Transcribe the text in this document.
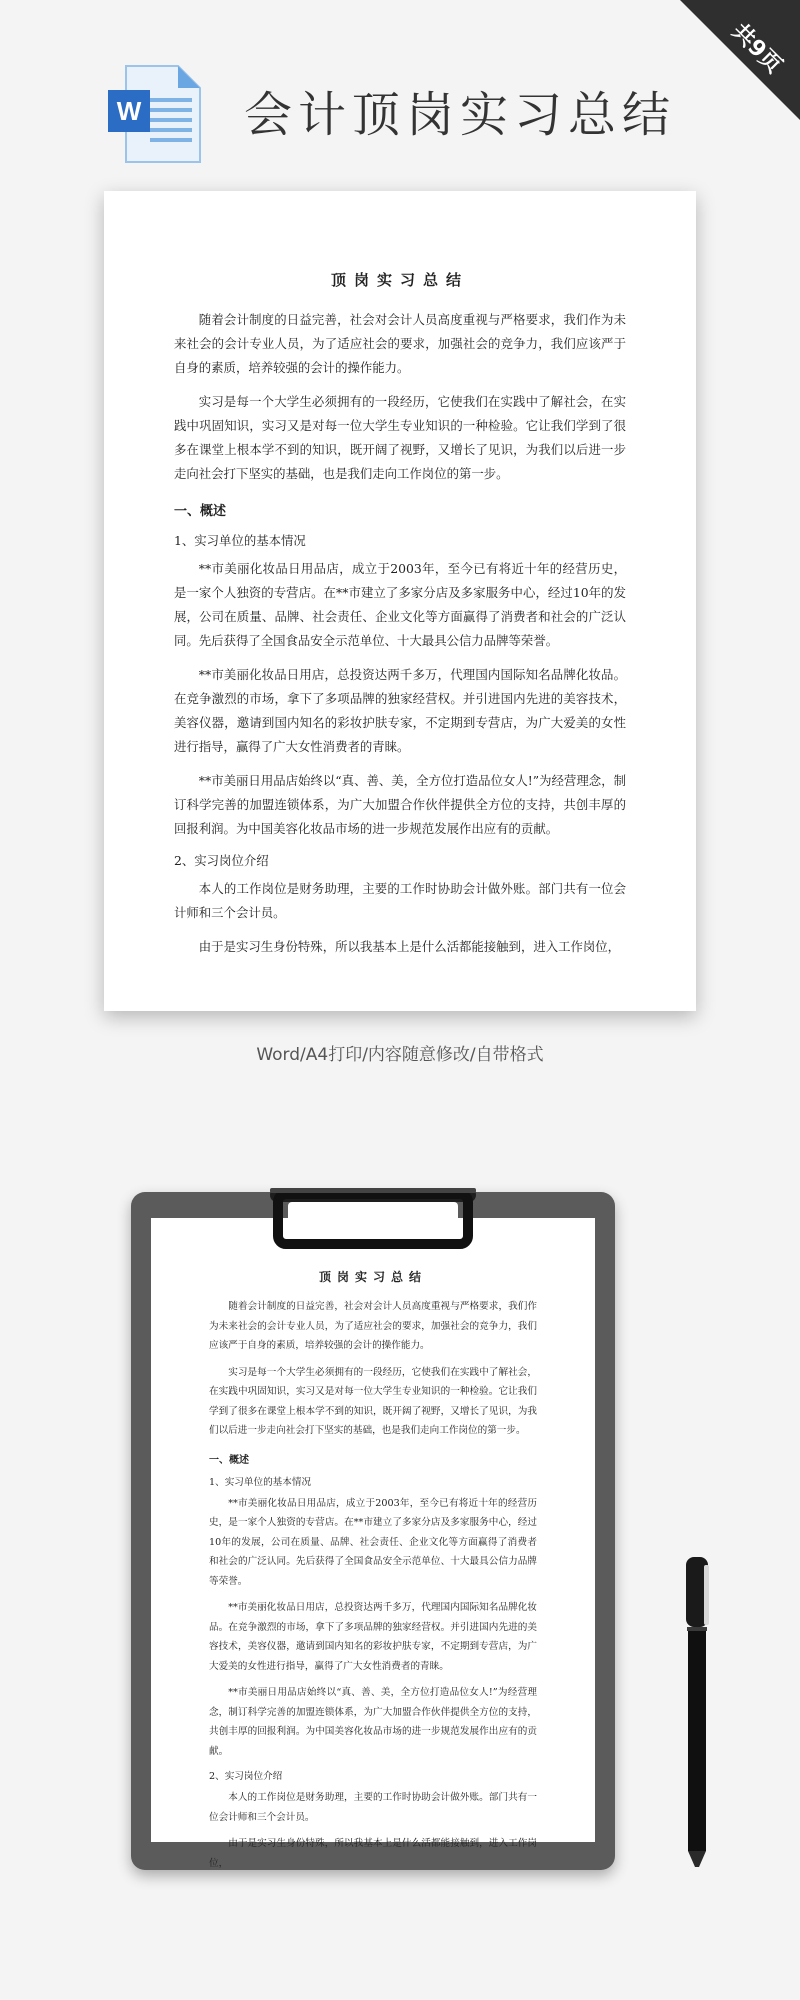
共9页
W 会计顶岗实习总结
顶岗实习总结

随着会计制度的日益完善，社会对会计人员高度重视与严格要求，我们作为未来社会的会计专业人员，为了适应社会的要求，加强社会的竞争力，我们应该严于自身的素质，培养较强的会计的操作能力。

实习是每一个大学生必须拥有的一段经历，它使我们在实践中了解社会，在实践中巩固知识，实习又是对每一位大学生专业知识的一种检验。它让我们学到了很多在课堂上根本学不到的知识，既开阔了视野，又增长了见识，为我们以后进一步走向社会打下坚实的基础，也是我们走向工作岗位的第一步。

一、概述
1、实习单位的基本情况

**市美丽化妆品日用品店，成立于2003年，至今已有将近十年的经营历史，是一家个人独资的专营店。在**市建立了多家分店及多家服务中心，经过10年的发展，公司在质量、品牌、社会责任、企业文化等方面赢得了消费者和社会的广泛认同。先后获得了全国食品安全示范单位、十大最具公信力品牌等荣誉。

**市美丽化妆品日用店，总投资达两千多万，代理国内国际知名品牌化妆品。在竞争激烈的市场，拿下了多项品牌的独家经营权。并引进国内先进的美容技术，美容仪器，邀请到国内知名的彩妆护肤专家，不定期到专营店，为广大爱美的女性进行指导，赢得了广大女性消费者的青睐。

**市美丽日用品店始终以“真、善、美，全方位打造品位女人!”为经营理念，制订科学完善的加盟连锁体系，为广大加盟合作伙伴提供全方位的支持，共创丰厚的回报利润。为中国美容化妆品市场的进一步规范发展作出应有的贡献。

2、实习岗位介绍

本人的工作岗位是财务助理，主要的工作时协助会计做外账。部门共有一位会计师和三个会计员。

由于是实习生身份特殊，所以我基本上是什么活都能接触到，进入工作岗位，

Word/A4打印/内容随意修改/自带格式
顶岗实习总结

随着会计制度的日益完善，社会对会计人员高度重视与严格要求，我们作为未来社会的会计专业人员，为了适应社会的要求，加强社会的竞争力，我们应该严于自身的素质，培养较强的会计的操作能力。

实习是每一个大学生必须拥有的一段经历，它使我们在实践中了解社会，在实践中巩固知识，实习又是对每一位大学生专业知识的一种检验。它让我们学到了很多在课堂上根本学不到的知识，既开阔了视野，又增长了见识，为我们以后进一步走向社会打下坚实的基础，也是我们走向工作岗位的第一步。

一、概述
1、实习单位的基本情况

**市美丽化妆品日用品店，成立于2003年，至今已有将近十年的经营历史，是一家个人独资的专营店。在**市建立了多家分店及多家服务中心，经过10年的发展，公司在质量、品牌、社会责任、企业文化等方面赢得了消费者和社会的广泛认同。先后获得了全国食品安全示范单位、十大最具公信力品牌等荣誉。

**市美丽化妆品日用店，总投资达两千多万，代理国内国际知名品牌化妆品。在竞争激烈的市场，拿下了多项品牌的独家经营权。并引进国内先进的美容技术，美容仪器，邀请到国内知名的彩妆护肤专家，不定期到专营店，为广大爱美的女性进行指导，赢得了广大女性消费者的青睐。

**市美丽日用品店始终以“真、善、美，全方位打造品位女人!”为经营理念，制订科学完善的加盟连锁体系，为广大加盟合作伙伴提供全方位的支持，共创丰厚的回报利润。为中国美容化妆品市场的进一步规范发展作出应有的贡献。

2、实习岗位介绍

本人的工作岗位是财务助理，主要的工作时协助会计做外账。部门共有一位会计师和三个会计员。

由于是实习生身份特殊，所以我基本上是什么活都能接触到，进入工作岗位，
